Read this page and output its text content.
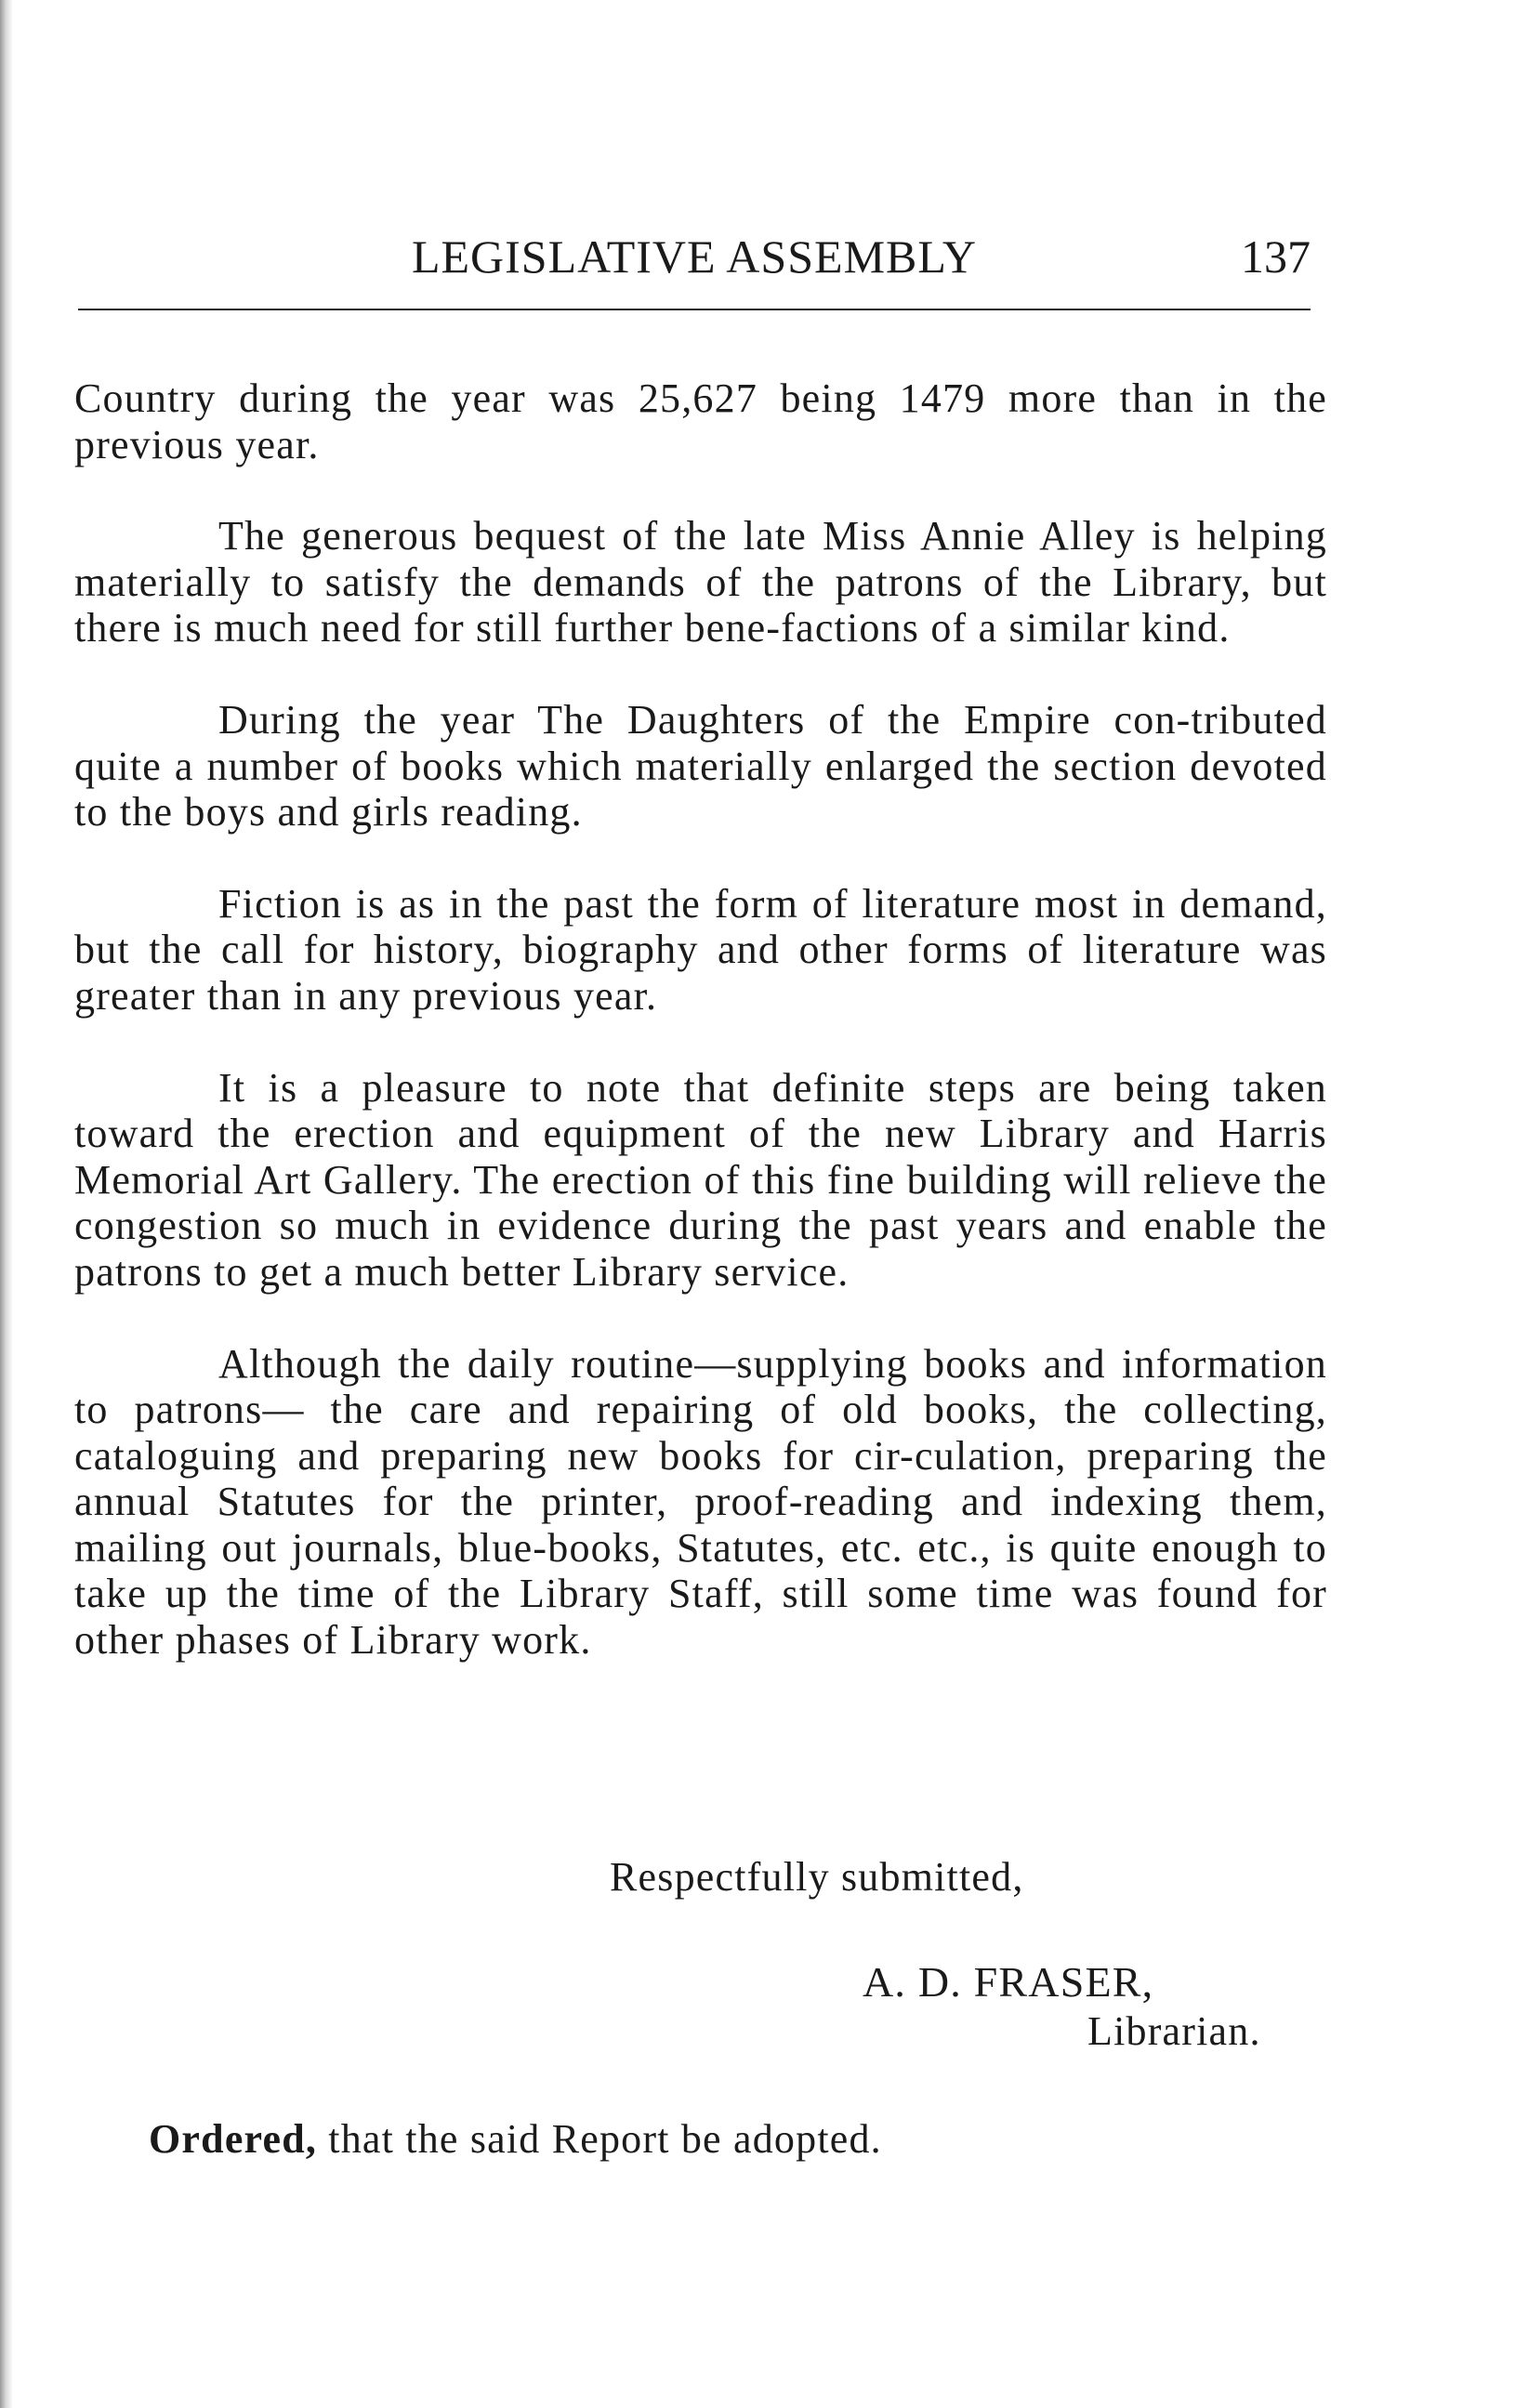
LEGISLATIVE ASSEMBLY	137

Country during the year was 25,627 being 1479 more than in the previous year.

The generous bequest of the late Miss Annie Alley is helping materially to satisfy the demands of the patrons of the Library, but there is much need for still further bene-factions of a similar kind.

During the year The Daughters of the Empire con-tributed quite a number of books which materially enlarged the section devoted to the boys and girls reading.

Fiction is as in the past the form of literature most in demand, but the call for history, biography and other forms of literature was greater than in any previous year.

It is a pleasure to note that definite steps are being taken toward the erection and equipment of the new Library and Harris Memorial Art Gallery. The erection of this fine building will relieve the congestion so much in evidence during the past years and enable the patrons to get a much better Library service.

Although the daily routine—supplying books and information to patrons— the care and repairing of old books, the collecting, cataloguing and preparing new books for cir-culation, preparing the annual Statutes for the printer, proof-reading and indexing them, mailing out journals, blue-books, Statutes, etc. etc., is quite enough to take up the time of the Library Staff, still some time was found for other phases of Library work.

Respectfully submitted,
A. D. FRASER,
Librarian.
Ordered, that the said Report be adopted.
